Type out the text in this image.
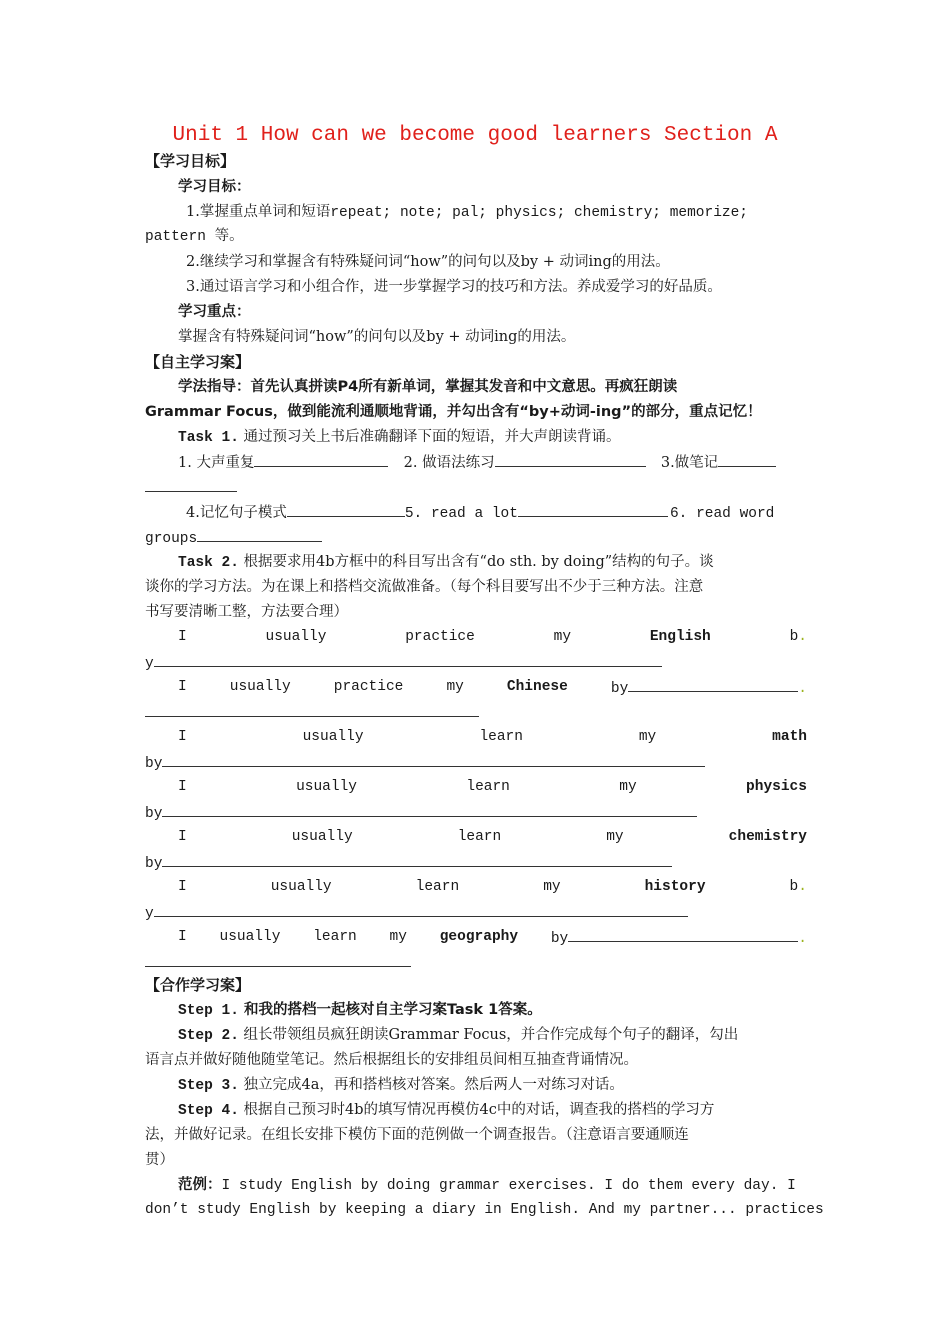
Unit 1 How can we become good learners Section A
【学习目标】
学习目标：
1.掌握重点单词和短语repeat; note; pal; physics; chemistry; memorize;
pattern 等。
2.继续学习和掌握含有特殊疑问词“how”的问句以及by + 动词ing的用法。
3.通过语言学习和小组合作，进一步掌握学习的技巧和方法。养成爱学习的好品质。
学习重点：
掌握含有特殊疑问词“how”的问句以及by + 动词ing的用法。
【自主学习案】
学法指导：首先认真拼读P4所有新单词，掌握其发音和中文意思。再疯狂朗读
Grammar Focus，做到能流利通顺地背诵，并勾出含有“by+动词-ing”的部分，重点记忆！
Task 1. 通过预习关上书后准确翻译下面的短语，并大声朗读背诵。
1. 大声重复	2. 做语法练习	3.做笔记
4.记忆句子模式	5. read a lot	6. read word
groups
Task 2. 根据要求用4b方框中的科目写出含有“do sth. by doing”结构的句子。谈
谈你的学习方法。为在课上和搭档交流做准备。（每个科目要写出不少于三种方法。注意
书写要清晰工整，方法要合理）
I	usually	practice	my	English	b.
y
I	usually	practice	my	Chinese	by	.
I	usually	learn	my	math
by
I	usually	learn	my	physics
by
I	usually	learn	my	chemistry
by
I	usually	learn	my	history	b.
y
I usually learn my geography by	.
【合作学习案】
Step 1. 和我的搭档一起核对自主学习案Task 1答案。
Step 2. 组长带领组员疯狂朗读Grammar Focus，并合作完成每个句子的翻译，勾出
语言点并做好随他随堂笔记。然后根据组长的安排组员间相互抽查背诵情况。
Step 3. 独立完成4a，再和搭档核对答案。然后两人一对练习对话。
Step 4. 根据自己预习时4b的填写情况再模仿4c中的对话，调查我的搭档的学习方
法，并做好记录。在组长安排下模仿下面的范例做一个调查报告。（注意语言要通顺连
贯）
范例：I study English by doing grammar exercises. I do them every day. I
don’t study English by keeping a diary in English. And my partner... practices
